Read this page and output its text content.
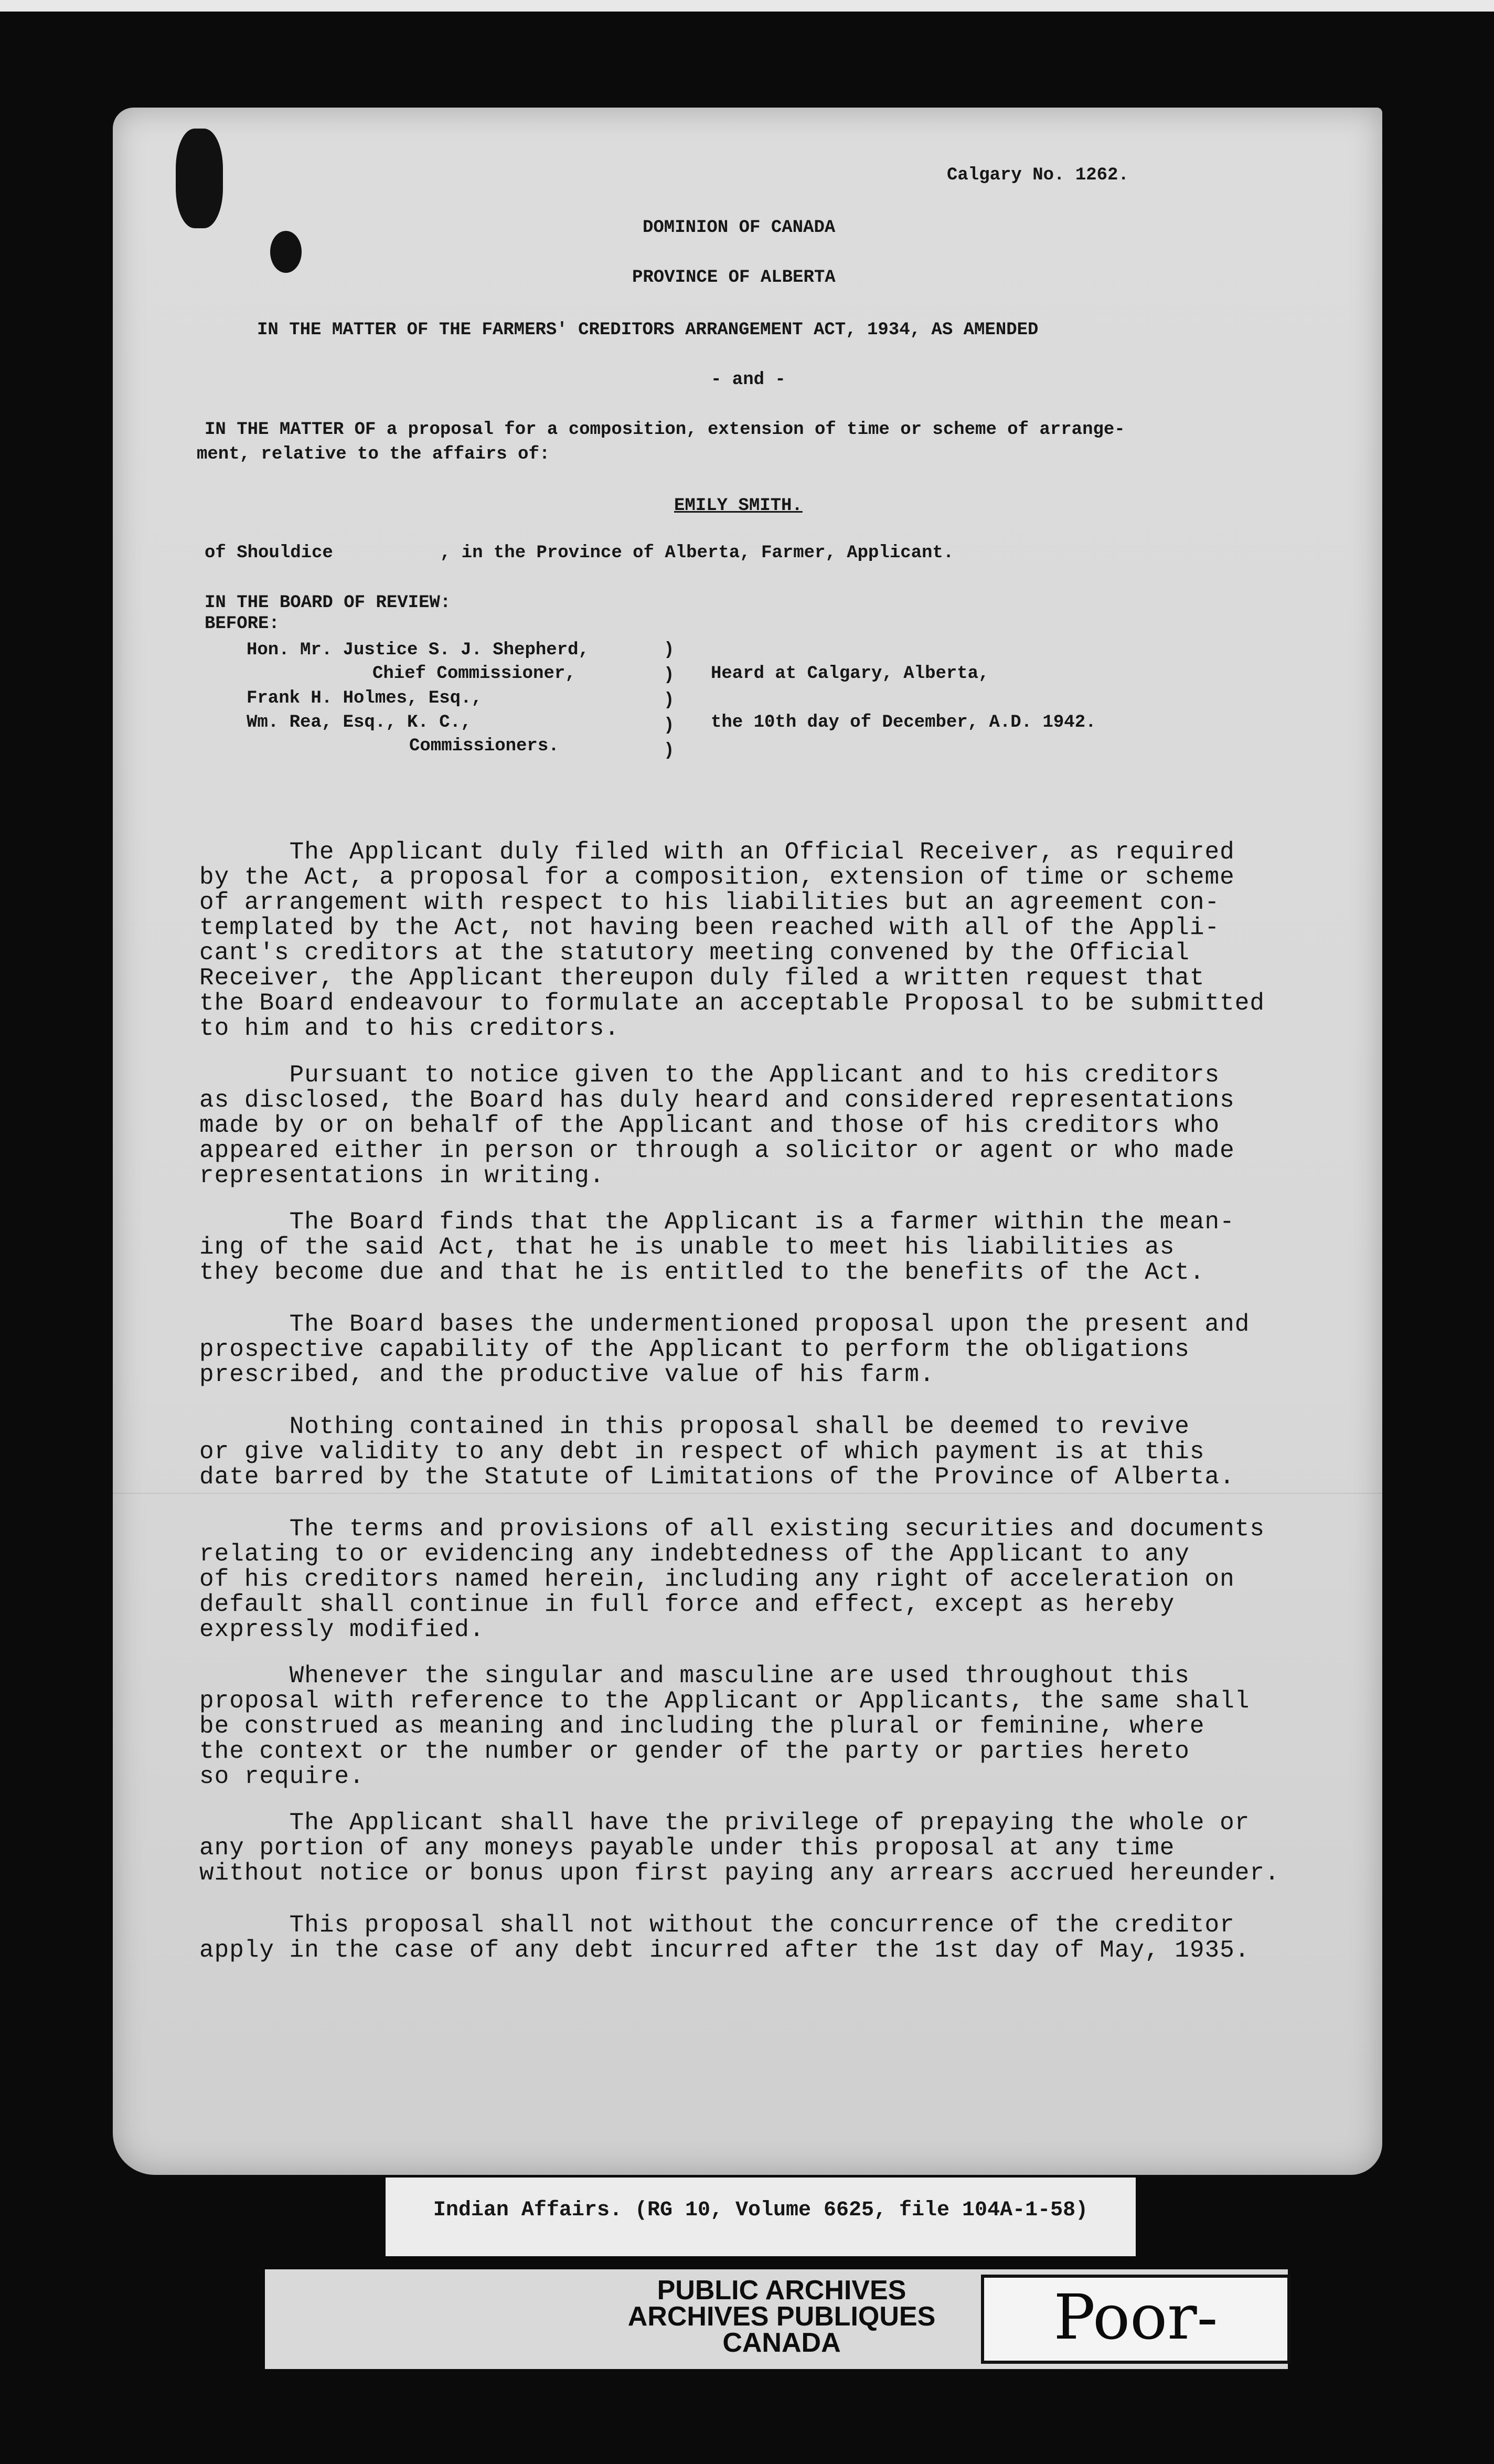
Calgary No. 1262.
DOMINION OF CANADA
PROVINCE OF ALBERTA
IN THE MATTER OF THE FARMERS' CREDITORS ARRANGEMENT ACT, 1934, AS AMENDED
- and -
IN THE MATTER OF a proposal for a composition, extension of time or scheme of arrange-
ment, relative to the affairs of:
EMILY SMITH.
of Shouldice          , in the Province of Alberta, Farmer, Applicant.
IN THE BOARD OF REVIEW:
BEFORE:
Hon. Mr. Justice S. J. Shepherd,
Chief Commissioner,
Frank H. Holmes, Esq.,
Wm. Rea, Esq., K. C.,
Commissioners.
)
)
)
)
)
Heard at Calgary, Alberta,
the 10th day of December, A.D. 1942.
The Applicant duly filed with an Official Receiver, as required
by the Act, a proposal for a composition, extension of time or scheme
of arrangement with respect to his liabilities but an agreement con-
templated by the Act, not having been reached with all of the Appli-
cant's creditors at the statutory meeting convened by the Official
Receiver, the Applicant thereupon duly filed a written request that
the Board endeavour to formulate an acceptable Proposal to be submitted
to him and to his creditors.
Pursuant to notice given to the Applicant and to his creditors
as disclosed, the Board has duly heard and considered representations
made by or on behalf of the Applicant and those of his creditors who
appeared either in person or through a solicitor or agent or who made
representations in writing.
The Board finds that the Applicant is a farmer within the mean-
ing of the said Act, that he is unable to meet his liabilities as
they become due and that he is entitled to the benefits of the Act.
The Board bases the undermentioned proposal upon the present and
prospective capability of the Applicant to perform the obligations
prescribed, and the productive value of his farm.
Nothing contained in this proposal shall be deemed to revive
or give validity to any debt in respect of which payment is at this
date barred by the Statute of Limitations of the Province of Alberta.
The terms and provisions of all existing securities and documents
relating to or evidencing any indebtedness of the Applicant to any
of his creditors named herein, including any right of acceleration on
default shall continue in full force and effect, except as hereby
expressly modified.
Whenever the singular and masculine are used throughout this
proposal with reference to the Applicant or Applicants, the same shall
be construed as meaning and including the plural or feminine, where
the context or the number or gender of the party or parties hereto
so require.
The Applicant shall have the privilege of prepaying the whole or
any portion of any moneys payable under this proposal at any time
without notice or bonus upon first paying any arrears accrued hereunder.
This proposal shall not without the concurrence of the creditor
apply in the case of any debt incurred after the 1st day of May, 1935.
Indian Affairs. (RG 10, Volume 6625, file 104A-1-58)
PUBLIC ARCHIVES
ARCHIVES PUBLIQUES
CANADA	Poor-Copy
